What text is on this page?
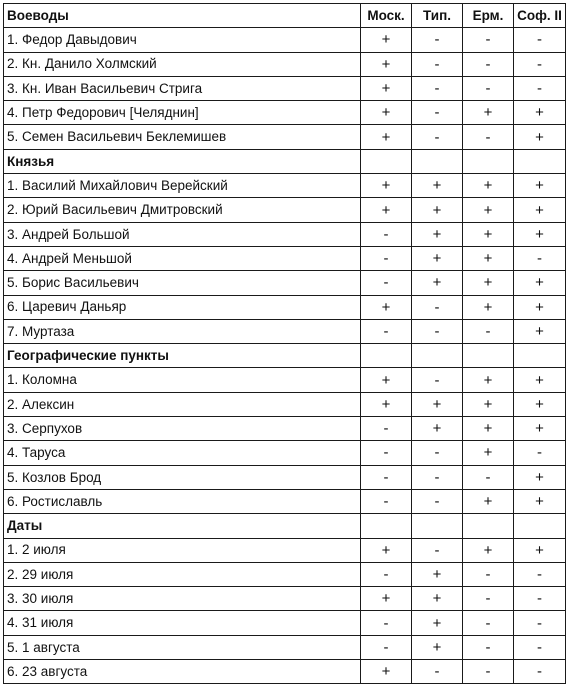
Воеводы	Моск.	Тип.	Ерм.	Соф. II
1. Федор Давыдович	+	-	-	-
2. Кн. Данило Холмский	+	-	-	-
3. Кн. Иван Васильевич Стрига	+	-	-	-
4. Петр Федорович [Челяднин]	+	-	+	+
5. Семен Васильевич Беклемишев	+	-	-	+
Князья				
1. Василий Михайлович Верейский	+	+	+	+
2. Юрий Васильевич Дмитровский	+	+	+	+
3. Андрей Большой	-	+	+	+
4. Андрей Меньшой	-	+	+	-
5. Борис Васильевич	-	+	+	+
6. Царевич Даньяр	+	-	+	+
7. Муртаза	-	-	-	+
Географические пункты				
1. Коломна	+	-	+	+
2. Алексин	+	+	+	+
3. Серпухов	-	+	+	+
4. Таруса	-	-	+	-
5. Козлов Брод	-	-	-	+
6. Ростиславль	-	-	+	+
Даты				
1. 2 июля	+	-	+	+
2. 29 июля	-	+	-	-
3. 30 июля	+	+	-	-
4. 31 июля	-	+	-	-
5. 1 августа	-	+	-	-
6. 23 августа	+	-	-	-
